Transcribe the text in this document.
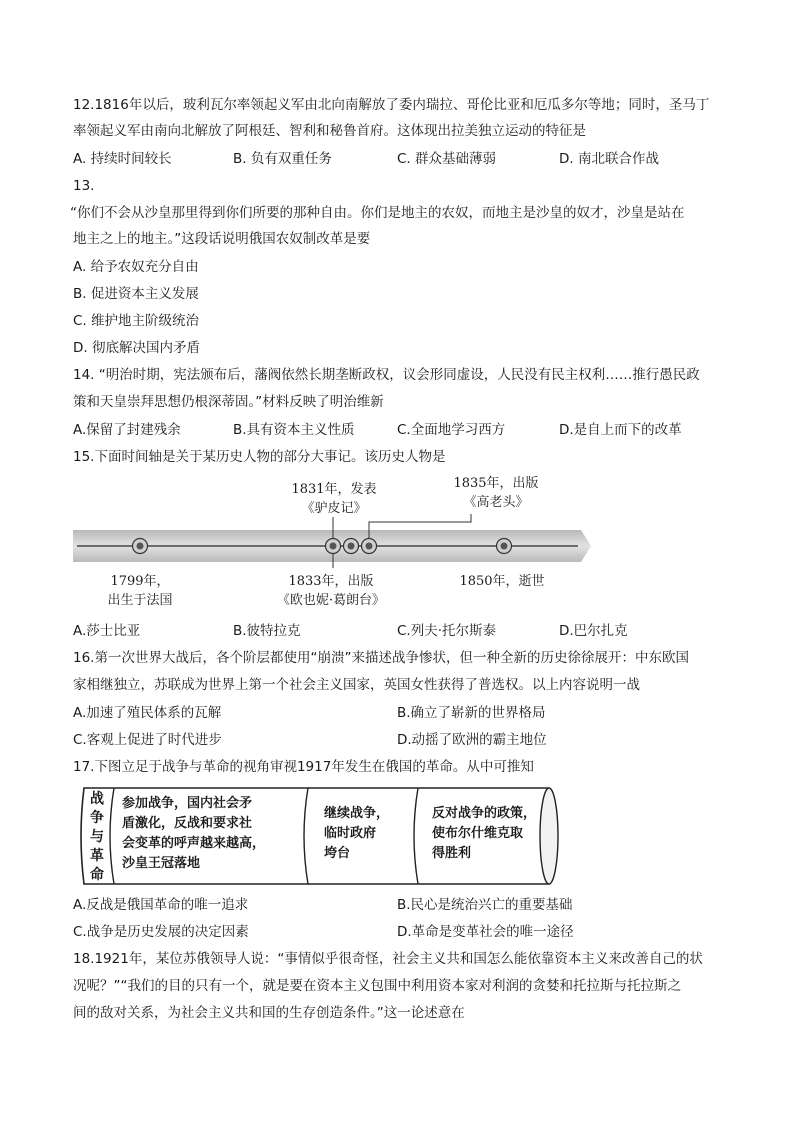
12.1816年以后，玻利瓦尔率领起义军由北向南解放了委内瑞拉、哥伦比亚和厄瓜多尔等地；同时，圣马丁
率领起义军由南向北解放了阿根廷、智利和秘鲁首府。这体现出拉美独立运动的特征是
A. 持续时间较长	B. 负有双重任务	C. 群众基础薄弱	D. 南北联合作战
13.
“你们不会从沙皇那里得到你们所要的那种自由。你们是地主的农奴，而地主是沙皇的奴才，沙皇是站在
地主之上的地主。”这段话说明俄国农奴制改革是要
A. 给予农奴充分自由
B. 促进资本主义发展
C. 维护地主阶级统治
D. 彻底解决国内矛盾
14. “明治时期，宪法颁布后，藩阀依然长期垄断政权，议会形同虚设，人民没有民主权利……推行愚民政
策和天皇崇拜思想仍根深蒂固。”材料反映了明治维新
A.保留了封建残余	B.具有资本主义性质	C.全面地学习西方	D.是自上而下的改革
15.下面时间轴是关于某历史人物的部分大事记。该历史人物是
1831年，发表
《驴皮记》
1835年，出版
《高老头》
1799年，
出生于法国
1833年，出版
《欧也妮·葛朗台》
1850年，逝世
A.莎士比亚	B.彼特拉克	C.列夫·托尔斯泰	D.巴尔扎克
16.第一次世界大战后，各个阶层都使用“崩溃”来描述战争惨状，但一种全新的历史徐徐展开：中东欧国
家相继独立，苏联成为世界上第一个社会主义国家，英国女性获得了普选权。以上内容说明一战
A.加速了殖民体系的瓦解	B.确立了崭新的世界格局
C.客观上促进了时代进步	D.动摇了欧洲的霸主地位
17.下图立足于战争与革命的视角审视1917年发生在俄国的革命。从中可推知
战
争
与
革
命
参加战争，国内社会矛
盾激化，反战和要求社
会变革的呼声越来越高，
沙皇王冠落地
继续战争，
临时政府
垮台
反对战争的政策，
使布尔什维克取
得胜利
A.反战是俄国革命的唯一追求	B.民心是统治兴亡的重要基础
C.战争是历史发展的决定因素	D.革命是变革社会的唯一途径
18.1921年，某位苏俄领导人说：“事情似乎很奇怪，社会主义共和国怎么能依靠资本主义来改善自己的状
况呢？”“我们的目的只有一个，就是要在资本主义包围中利用资本家对利润的贪婪和托拉斯与托拉斯之
间的敌对关系，为社会主义共和国的生存创造条件。”这一论述意在
